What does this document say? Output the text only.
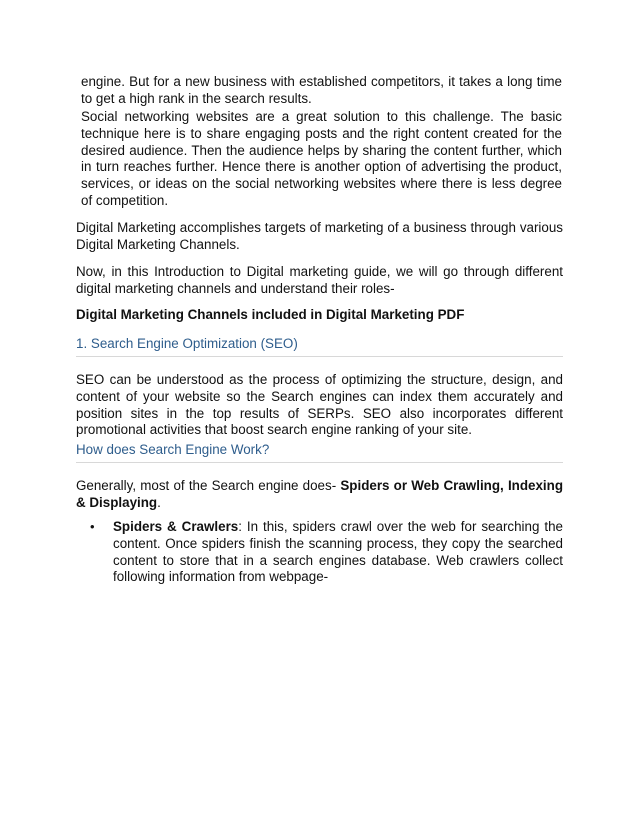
engine. But for a new business with established competitors, it takes a long time to get a high rank in the search results.

Social networking websites are a great solution to this challenge. The basic technique here is to share engaging posts and the right content created for the desired audience. Then the audience helps by sharing the content further, which in turn reaches further. Hence there is another option of advertising the product, services, or ideas on the social networking websites where there is less degree of competition.

Digital Marketing accomplishes targets of marketing of a business through various Digital Marketing Channels.

Now, in this Introduction to Digital marketing guide, we will go through different digital marketing channels and understand their roles-

Digital Marketing Channels included in Digital Marketing PDF

1. Search Engine Optimization (SEO)

SEO can be understood as the process of optimizing the structure, design, and content of your website so the Search engines can index them accurately and position sites in the top results of SERPs. SEO also incorporates different promotional activities that boost search engine ranking of your site.

How does Search Engine Work?

Generally, most of the Search engine does- Spiders or Web Crawling, Indexing & Displaying.

•	Spiders & Crawlers: In this, spiders crawl over the web for searching the content. Once spiders finish the scanning process, they copy the searched content to store that in a search engines database. Web crawlers collect following information from webpage-
